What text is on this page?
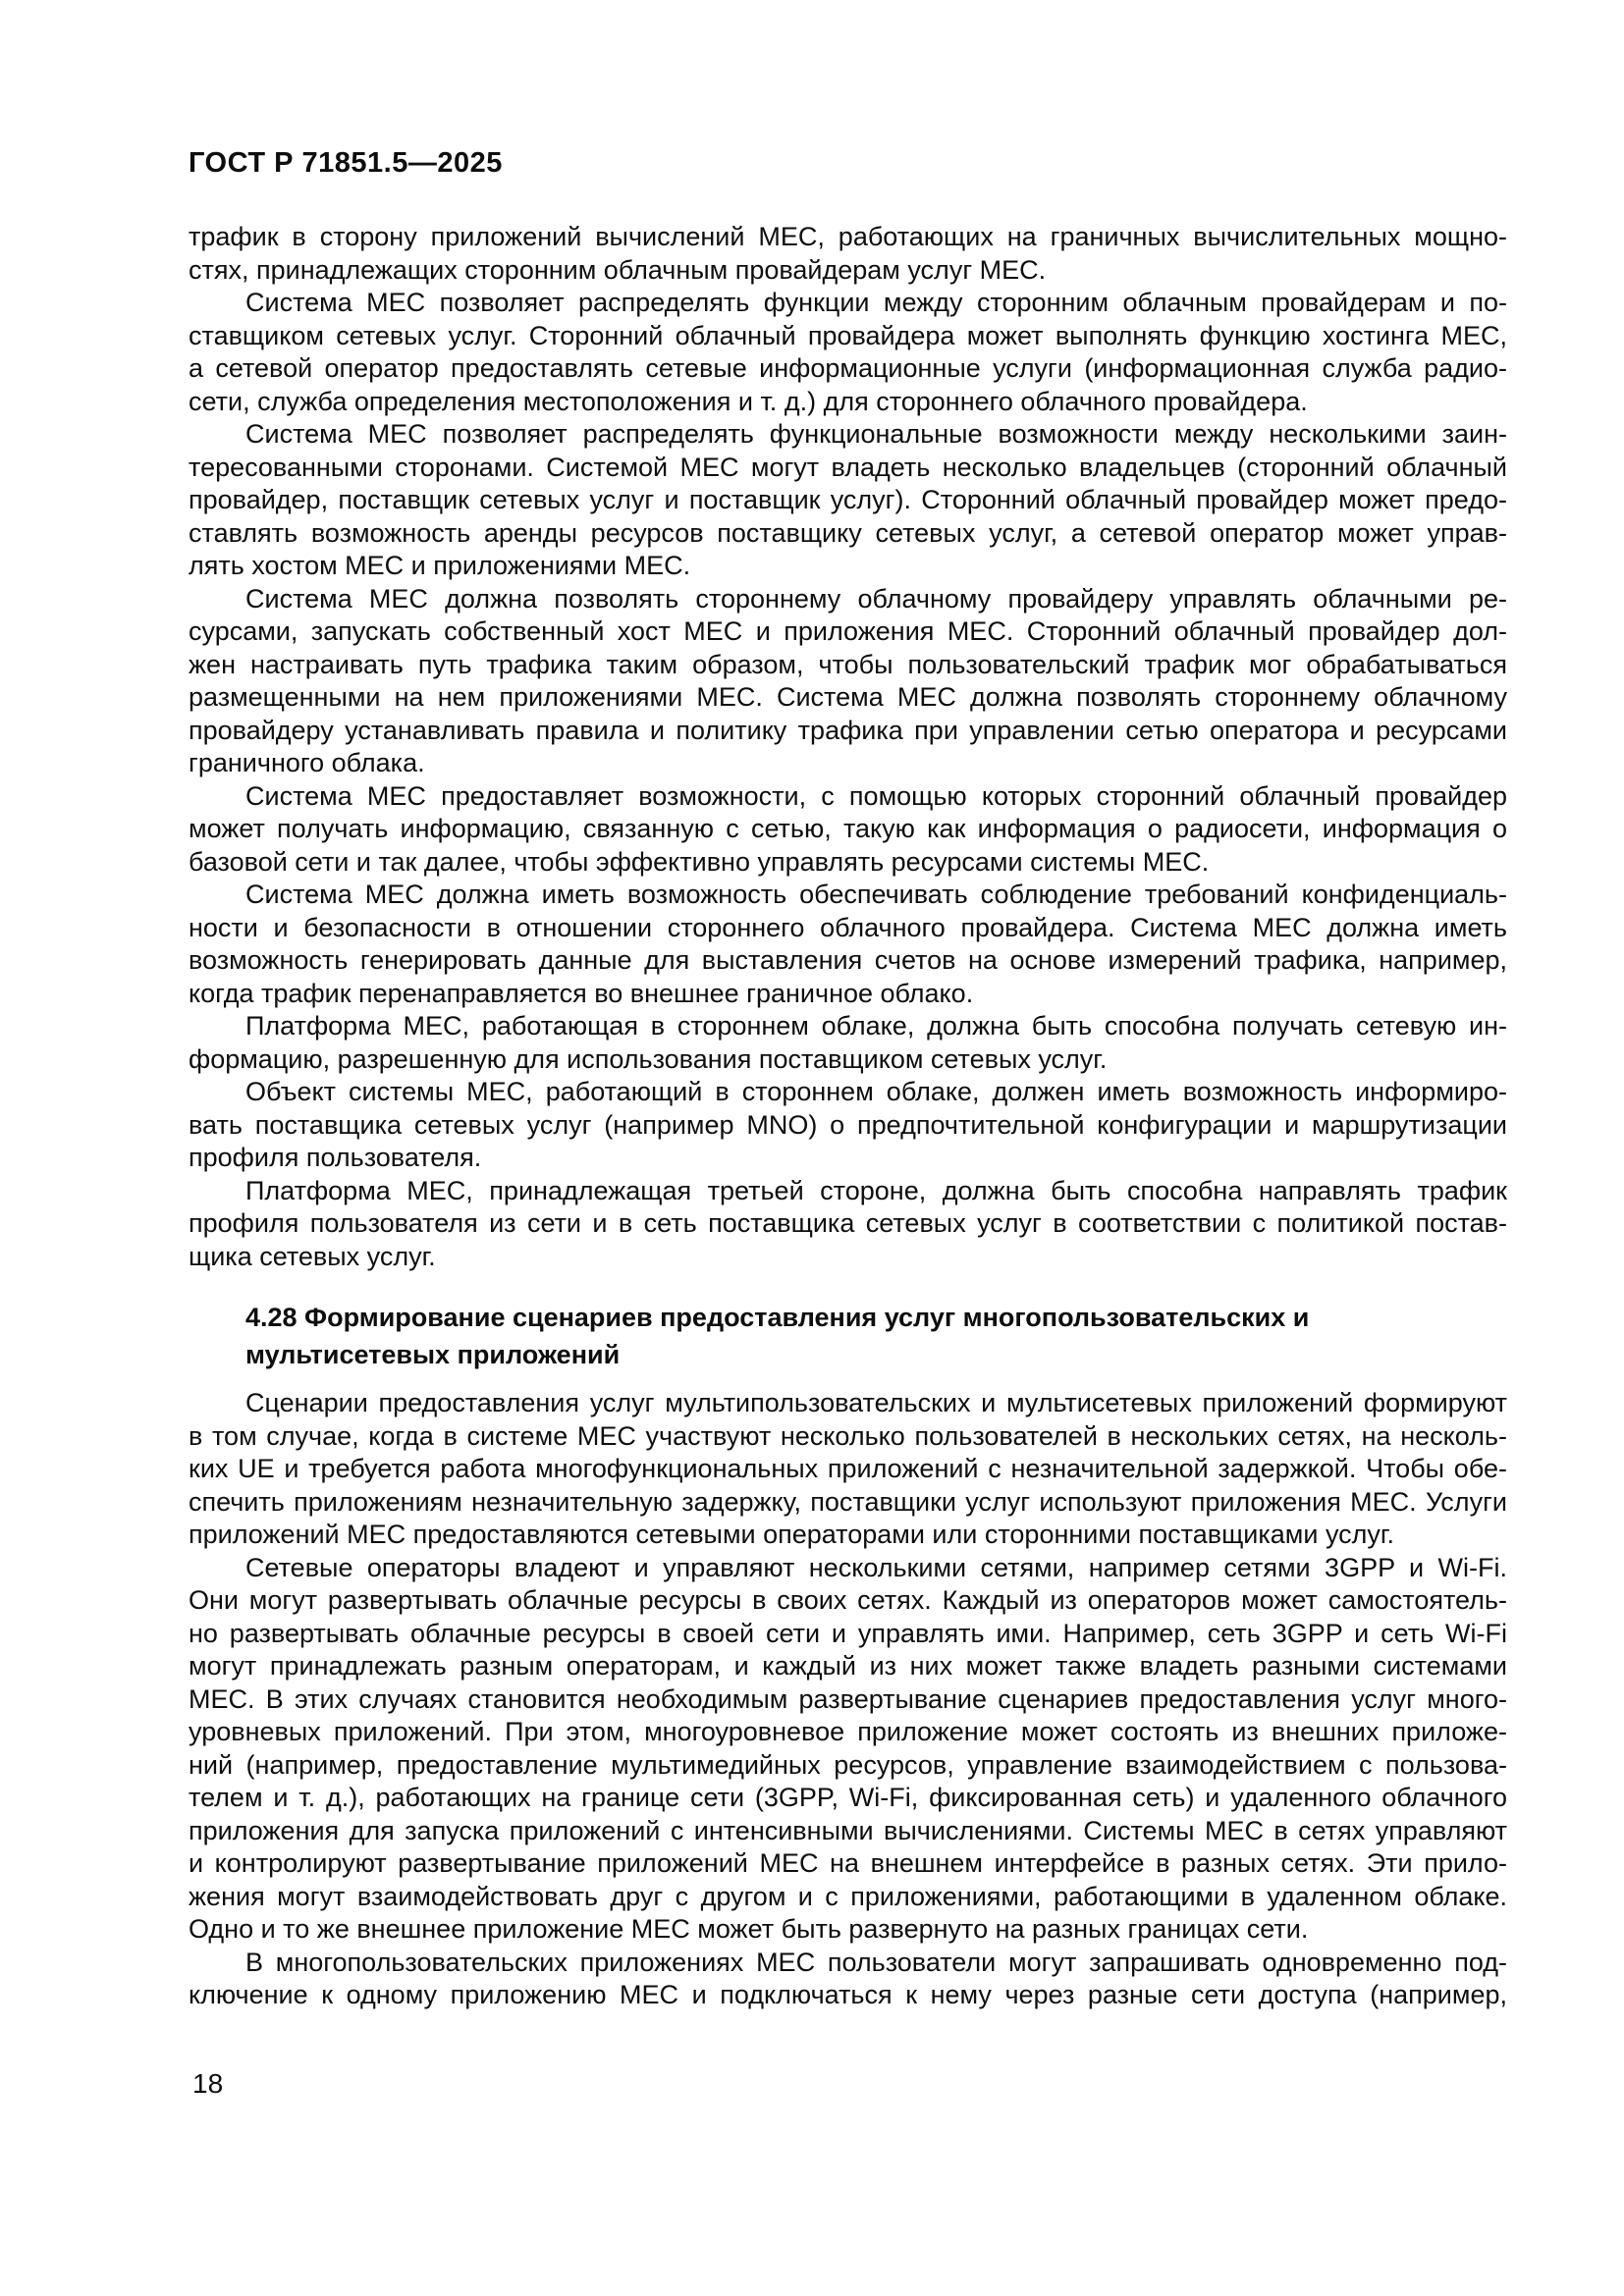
ГОСТ Р 71851.5—2025
трафик в сторону приложений вычислений МЕС, работающих на граничных вычислительных мощно-
стях, принадлежащих сторонним облачным провайдерам услуг МЕС.
Система МЕС позволяет распределять функции между сторонним облачным провайдерам и по-
ставщиком сетевых услуг. Сторонний облачный провайдера может выполнять функцию хостинга МЕС,
а сетевой оператор предоставлять сетевые информационные услуги (информационная служба радио-
сети, служба определения местоположения и т. д.) для стороннего облачного провайдера.
Система МЕС позволяет распределять функциональные возможности между несколькими заин-
тересованными сторонами. Системой МЕС могут владеть несколько владельцев (сторонний облачный
провайдер, поставщик сетевых услуг и поставщик услуг). Сторонний облачный провайдер может предо-
ставлять возможность аренды ресурсов поставщику сетевых услуг, а сетевой оператор может управ-
лять хостом МЕС и приложениями МЕС.
Система МЕС должна позволять стороннему облачному провайдеру управлять облачными ре-
сурсами, запускать собственный хост МЕС и приложения МЕС. Сторонний облачный провайдер дол-
жен настраивать путь трафика таким образом, чтобы пользовательский трафик мог обрабатываться
размещенными на нем приложениями МЕС. Система МЕС должна позволять стороннему облачному
провайдеру устанавливать правила и политику трафика при управлении сетью оператора и ресурсами
граничного облака.
Система МЕС предоставляет возможности, с помощью которых сторонний облачный провайдер
может получать информацию, связанную с сетью, такую как информация о радиосети, информация о
базовой сети и так далее, чтобы эффективно управлять ресурсами системы МЕС.
Система МЕС должна иметь возможность обеспечивать соблюдение требований конфиденциаль-
ности и безопасности в отношении стороннего облачного провайдера. Система МЕС должна иметь
возможность генерировать данные для выставления счетов на основе измерений трафика, например,
когда трафик перенаправляется во внешнее граничное облако.
Платформа МЕС, работающая в стороннем облаке, должна быть способна получать сетевую ин-
формацию, разрешенную для использования поставщиком сетевых услуг.
Объект системы МЕС, работающий в стороннем облаке, должен иметь возможность информиро-
вать поставщика сетевых услуг (например MNO) о предпочтительной конфигурации и маршрутизации
профиля пользователя.
Платформа МЕС, принадлежащая третьей стороне, должна быть способна направлять трафик
профиля пользователя из сети и в сеть поставщика сетевых услуг в соответствии с политикой постав-
щика сетевых услуг.
4.28 Формирование сценариев предоставления услуг многопользовательских и
мультисетевых приложений
Сценарии предоставления услуг мультипользовательских и мультисетевых приложений формируют
в том случае, когда в системе МЕС участвуют несколько пользователей в нескольких сетях, на несколь-
ких UE и требуется работа многофункциональных приложений с незначительной задержкой. Чтобы обе-
спечить приложениям незначительную задержку, поставщики услуг используют приложения МЕС. Услуги
приложений МЕС предоставляются сетевыми операторами или сторонними поставщиками услуг.
Сетевые операторы владеют и управляют несколькими сетями, например сетями 3GPP и Wi-Fi.
Они могут развертывать облачные ресурсы в своих сетях. Каждый из операторов может самостоятель-
но развертывать облачные ресурсы в своей сети и управлять ими. Например, сеть 3GPP и сеть Wi-Fi
могут принадлежать разным операторам, и каждый из них может также владеть разными системами
МЕС. В этих случаях становится необходимым развертывание сценариев предоставления услуг много-
уровневых приложений. При этом, многоуровневое приложение может состоять из внешних приложе-
ний (например, предоставление мультимедийных ресурсов, управление взаимодействием с пользова-
телем и т. д.), работающих на границе сети (3GPP, Wi-Fi, фиксированная сеть) и удаленного облачного
приложения для запуска приложений с интенсивными вычислениями. Системы МЕС в сетях управляют
и контролируют развертывание приложений МЕС на внешнем интерфейсе в разных сетях. Эти прило-
жения могут взаимодействовать друг с другом и с приложениями, работающими в удаленном облаке.
Одно и то же внешнее приложение МЕС может быть развернуто на разных границах сети.
В многопользовательских приложениях МЕС пользователи могут запрашивать одновременно под-
ключение к одному приложению МЕС и подключаться к нему через разные сети доступа (например,
18
